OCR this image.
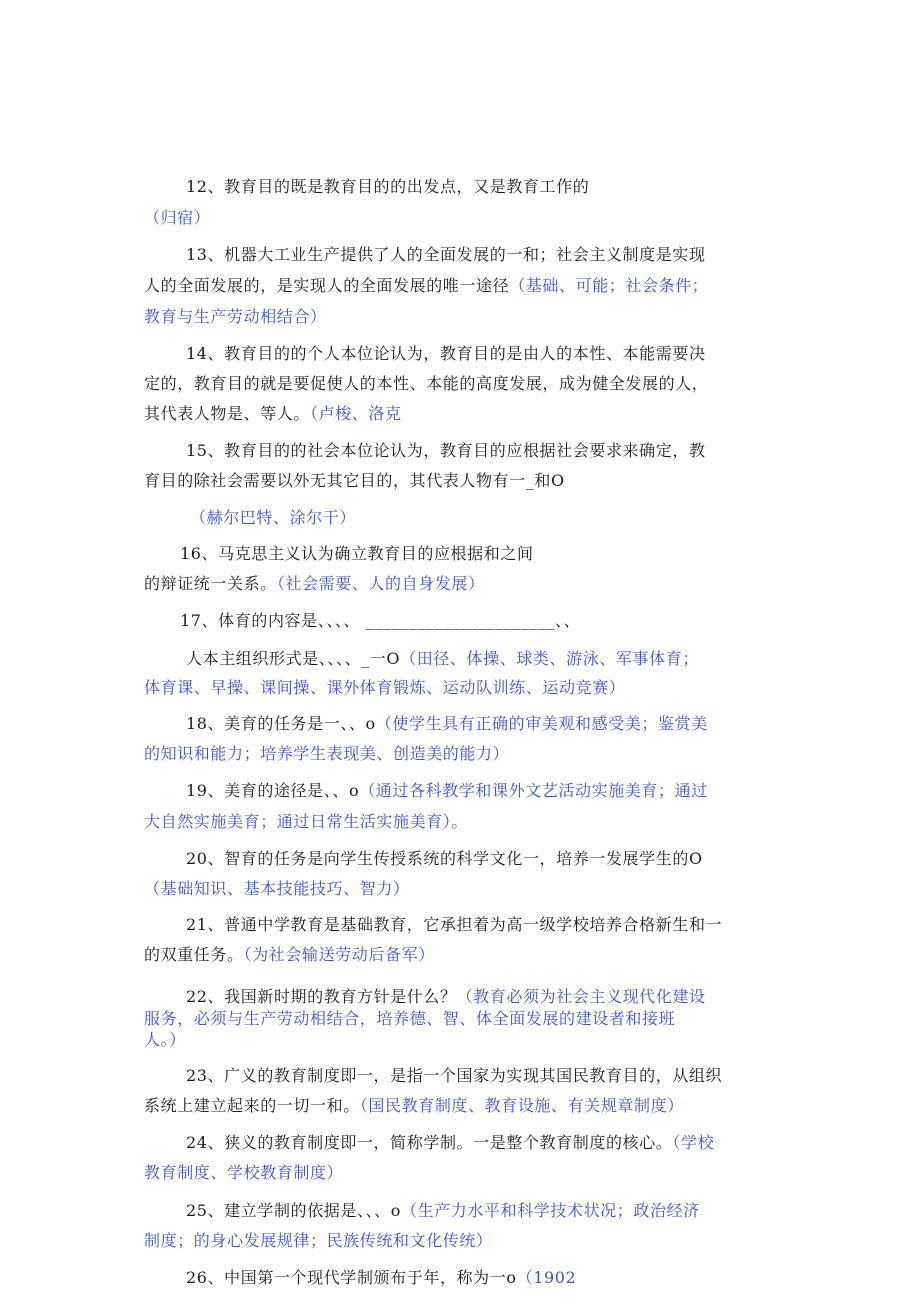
12、教育目的既是教育目的的出发点，又是教育工作的
（归宿）
13、机器大工业生产提供了人的全面发展的一和；社会主义制度是实现
人的全面发展的，是实现人的全面发展的唯一途径（基础、可能；社会条件；
教育与生产劳动相结合）
14、教育目的的个人本位论认为，教育目的是由人的本性、本能需要决
定的，教育目的就是要促使人的本性、本能的高度发展，成为健全发展的人，
其代表人物是、等人。（卢梭、洛克
15、教育目的的社会本位论认为，教育目的应根据社会要求来确定，教
育目的除社会需要以外无其它目的，其代表人物有一_和O
（赫尔巴特、涂尔干）
16、马克思主义认为确立教育目的应根据和之间
的辩证统一关系。（社会需要、人的自身发展）
17、体育的内容是、、、、 ______________________、、
人本主组织形式是、、、、_一O（田径、体操、球类、游泳、军事体育；
体育课、早操、课间操、课外体育锻炼、运动队训练、运动竞赛）
18、美育的任务是一、、o（使学生具有正确的审美观和感受美；鉴赏美
的知识和能力；培养学生表现美、创造美的能力）
19、美育的途径是、、o（通过各科教学和课外文艺活动实施美育；通过
大自然实施美育；通过日常生活实施美育）。
20、智育的任务是向学生传授系统的科学文化一，培养一发展学生的O
（基础知识、基本技能技巧、智力）
21、普通中学教育是基础教育，它承担着为高一级学校培养合格新生和一
的双重任务。（为社会输送劳动后备军）
22、我国新时期的教育方针是什么？（教育必须为社会主义现代化建设
服务，必须与生产劳动相结合，培养德、智、体全面发展的建设者和接班
人。）
23、广义的教育制度即一，是指一个国家为实现其国民教育目的，从组织
系统上建立起来的一切一和。（国民教育制度、教育设施、有关规章制度）
24、狭义的教育制度即一，简称学制。一是整个教育制度的核心。（学校
教育制度、学校教育制度）
25、建立学制的依据是、、、o（生产力水平和科学技术状况；政治经济
制度；的身心发展规律；民族传统和文化传统）
26、中国第一个现代学制颁布于年，称为一o（1902
